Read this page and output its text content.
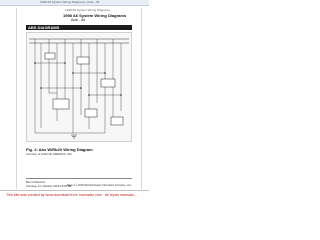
1998 A6 System Wiring Diagrams | Audi - A6
1998 A6 System Wiring Diagrams
1998 A6 System Wiring Diagrams
Audi - A6
ABS DIAGRAMS
Fig. 2: Abs W/Rb20 Wiring Diagram
Courtesy of AUDI OF AMERICA, INC.
Bernd Wiechert
Sonntag, 11. Oktober 2009 18:54:58
Page 2 © 2005 Mitchell Repair Information Company, LLC.
This site was created by www.download from manualzz.com · All repair manuals...
